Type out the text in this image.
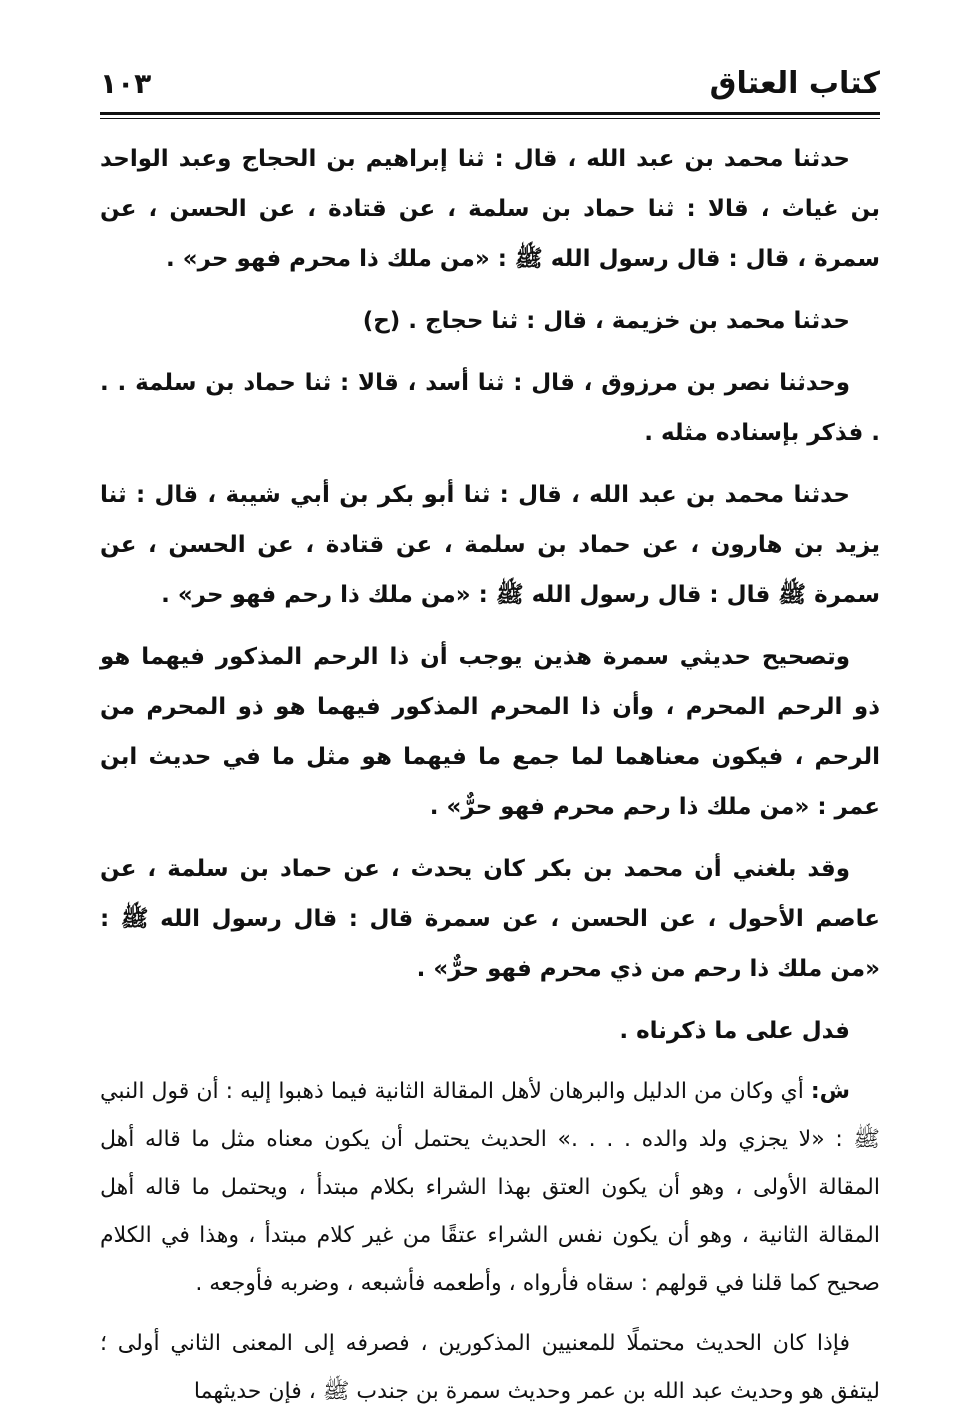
كتاب العتاق
١٠٣

حدثنا محمد بن عبد الله ، قال : ثنا إبراهيم بن الحجاج وعبد الواحد بن غياث ، قالا : ثنا حماد بن سلمة ، عن قتادة ، عن الحسن ، عن سمرة ، قال : قال رسول الله ﷺ : «من ملك ذا محرم فهو حر» .

حدثنا محمد بن خزيمة ، قال : ثنا حجاج . (ح)

وحدثنا نصر بن مرزوق ، قال : ثنا أسد ، قالا : ثنا حماد بن سلمة . . . فذكر بإسناده مثله .

حدثنا محمد بن عبد الله ، قال : ثنا أبو بكر بن أبي شيبة ، قال : ثنا يزيد بن هارون ، عن حماد بن سلمة ، عن قتادة ، عن الحسن ، عن سمرة ﷺ قال : قال رسول الله ﷺ : «من ملك ذا رحم فهو حر» .

وتصحيح حديثي سمرة هذين يوجب أن ذا الرحم المذكور فيهما هو ذو الرحم المحرم ، وأن ذا المحرم المذكور فيهما هو ذو المحرم من الرحم ، فيكون معناهما لما جمع ما فيهما هو مثل ما في حديث ابن عمر : «من ملك ذا رحم محرم فهو حرٌّ» .

وقد بلغني أن محمد بن بكر كان يحدث ، عن حماد بن سلمة ، عن عاصم الأحول ، عن الحسن ، عن سمرة قال : قال رسول الله ﷺ : «من ملك ذا رحم من ذي محرم فهو حرٌّ» .

فدل على ما ذكرناه .

ش: أي وكان من الدليل والبرهان لأهل المقالة الثانية فيما ذهبوا إليه : أن قول النبي ﷺ : «لا يجزي ولد والده . . . .» الحديث يحتمل أن يكون معناه مثل ما قاله أهل المقالة الأولى ، وهو أن يكون العتق بهذا الشراء بكلام مبتدأ ، ويحتمل ما قاله أهل المقالة الثانية ، وهو أن يكون نفس الشراء عتقًا من غير كلام مبتدأ ، وهذا في الكلام صحيح كما قلنا في قولهم : سقاه فأرواه ، وأطعمه فأشبعه ، وضربه فأوجعه .

فإذا كان الحديث محتملًا للمعنيين المذكورين ، فصرفه إلى المعنى الثاني أولى ؛ ليتفق هو وحديث عبد الله بن عمر وحديث سمرة بن جندب ﷺ ، فإن حديثهما
